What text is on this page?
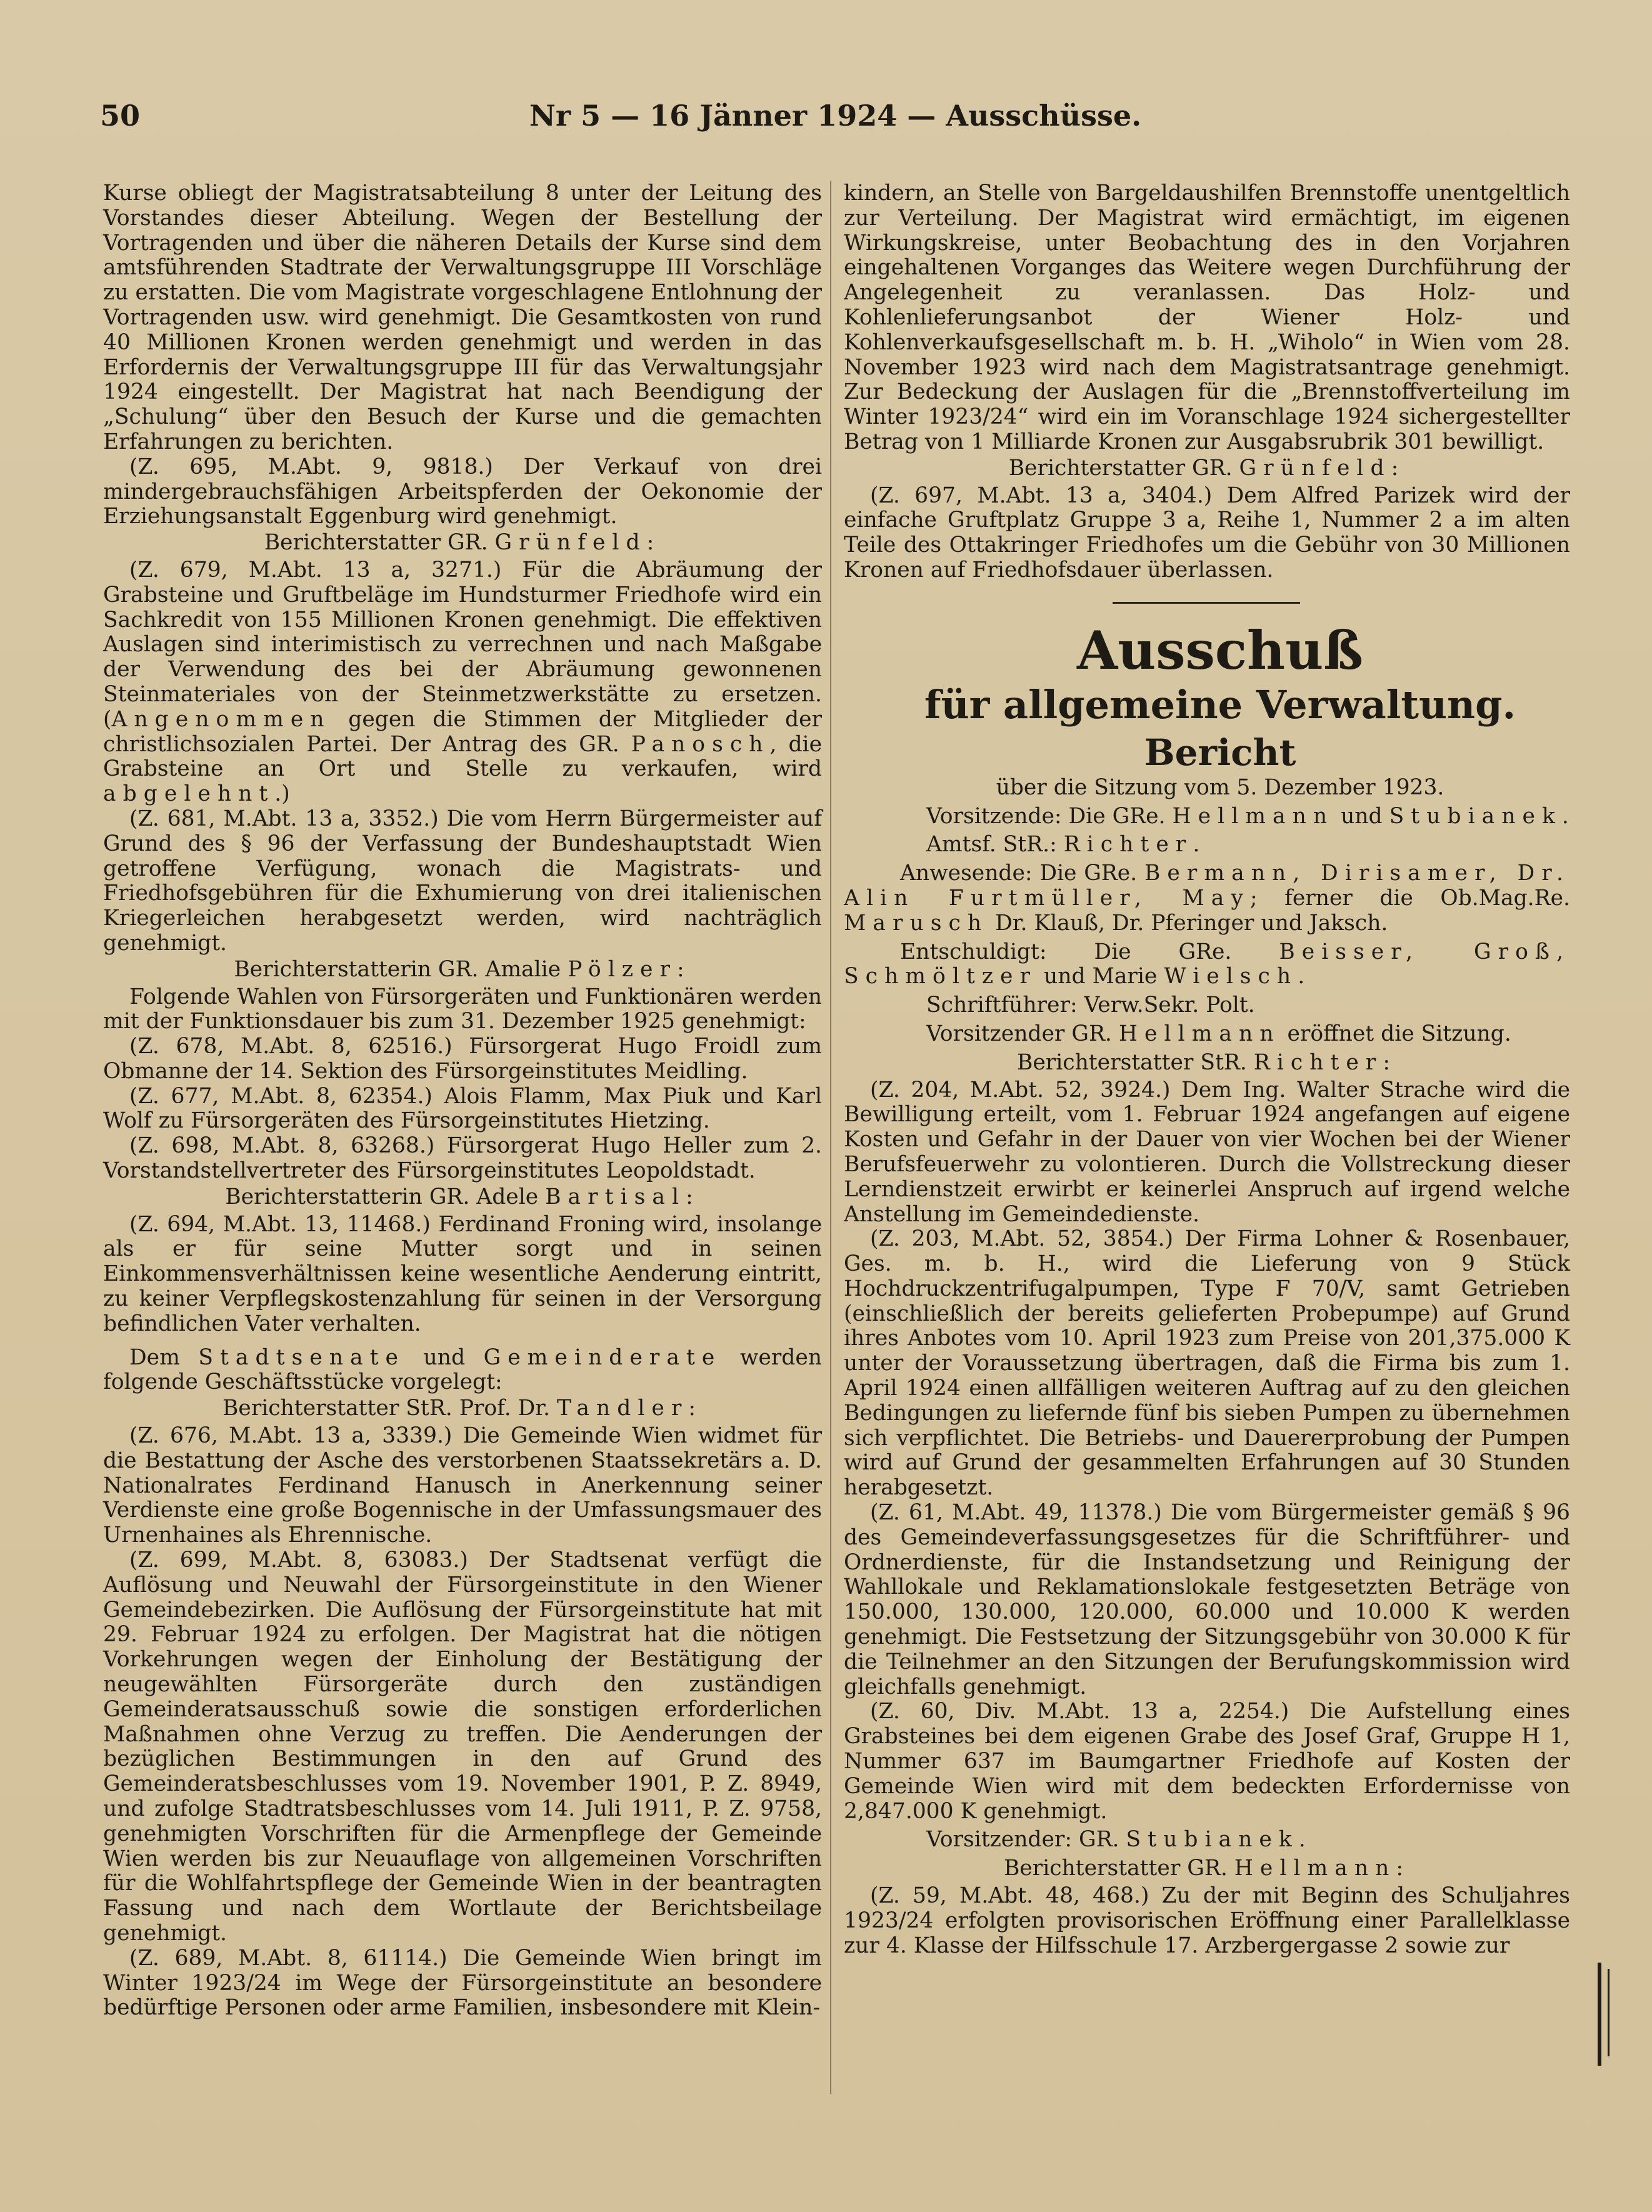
50	Nr 5 — 16 Jänner 1924 — Ausschüsse.

Kurse obliegt der Magistratsabteilung 8 unter der Leitung des Vorstandes dieser Abteilung. Wegen der Bestellung der Vortragenden und über die näheren Details der Kurse sind dem amtsführenden Stadtrate der Verwaltungsgruppe III Vorschläge zu erstatten. Die vom Magistrate vorgeschlagene Entlohnung der Vortragenden usw. wird genehmigt. Die Gesamtkosten von rund 40 Millionen Kronen werden genehmigt und werden in das Erfordernis der Verwaltungsgruppe III für das Verwaltungsjahr 1924 eingestellt. Der Magistrat hat nach Beendigung der „Schulung“ über den Besuch der Kurse und die gemachten Erfahrungen zu berichten.

(Z. 695, M.Abt. 9, 9818.) Der Verkauf von drei mindergebrauchsfähigen Arbeitspferden der Oekonomie der Erziehungsanstalt Eggenburg wird genehmigt.

Berichterstatter GR. Grünfeld:

(Z. 679, M.Abt. 13 a, 3271.) Für die Abräumung der Grabsteine und Gruftbeläge im Hundsturmer Friedhofe wird ein Sachkredit von 155 Millionen Kronen genehmigt. Die effektiven Auslagen sind interimistisch zu verrechnen und nach Maßgabe der Verwendung des bei der Abräumung gewonnenen Steinmateriales von der Steinmetzwerkstätte zu ersetzen. (Angenommen gegen die Stimmen der Mitglieder der christlichsozialen Partei. Der Antrag des GR. Panosch, die Grabsteine an Ort und Stelle zu verkaufen, wird abgelehnt.)

(Z. 681, M.Abt. 13 a, 3352.) Die vom Herrn Bürgermeister auf Grund des § 96 der Verfassung der Bundeshauptstadt Wien getroffene Verfügung, wonach die Magistrats- und Friedhofsgebühren für die Exhumierung von drei italienischen Kriegerleichen herabgesetzt werden, wird nachträglich genehmigt.

Berichterstatterin GR. Amalie Pölzer:

Folgende Wahlen von Fürsorgeräten und Funktionären werden mit der Funktionsdauer bis zum 31. Dezember 1925 genehmigt:

(Z. 678, M.Abt. 8, 62516.) Fürsorgerat Hugo Froidl zum Obmanne der 14. Sektion des Fürsorgeinstitutes Meidling.

(Z. 677, M.Abt. 8, 62354.) Alois Flamm, Max Piuk und Karl Wolf zu Fürsorgeräten des Fürsorgeinstitutes Hietzing.

(Z. 698, M.Abt. 8, 63268.) Fürsorgerat Hugo Heller zum 2. Vorstandstellvertreter des Fürsorgeinstitutes Leopoldstadt.

Berichterstatterin GR. Adele Bartisal:

(Z. 694, M.Abt. 13, 11468.) Ferdinand Froning wird, insolange als er für seine Mutter sorgt und in seinen Einkommensverhältnissen keine wesentliche Aenderung eintritt, zu keiner Verpflegskostenzahlung für seinen in der Versorgung befindlichen Vater verhalten.

Dem Stadtsenate und Gemeinderate werden folgende Geschäftsstücke vorgelegt:

Berichterstatter StR. Prof. Dr. Tandler:

(Z. 676, M.Abt. 13 a, 3339.) Die Gemeinde Wien widmet für die Bestattung der Asche des verstorbenen Staatssekretärs a. D. Nationalrates Ferdinand Hanusch in Anerkennung seiner Verdienste eine große Bogennische in der Umfassungsmauer des Urnenhaines als Ehrennische.

(Z. 699, M.Abt. 8, 63083.) Der Stadtsenat verfügt die Auflösung und Neuwahl der Fürsorgeinstitute in den Wiener Gemeindebezirken. Die Auflösung der Fürsorgeinstitute hat mit 29. Februar 1924 zu erfolgen. Der Magistrat hat die nötigen Vorkehrungen wegen der Einholung der Bestätigung der neugewählten Fürsorgeräte durch den zuständigen Gemeinderatsausschuß sowie die sonstigen erforderlichen Maßnahmen ohne Verzug zu treffen. Die Aenderungen der bezüglichen Bestimmungen in den auf Grund des Gemeinderatsbeschlusses vom 19. November 1901, P. Z. 8949, und zufolge Stadtratsbeschlusses vom 14. Juli 1911, P. Z. 9758, genehmigten Vorschriften für die Armenpflege der Gemeinde Wien werden bis zur Neuauflage von allgemeinen Vorschriften für die Wohlfahrtspflege der Gemeinde Wien in der beantragten Fassung und nach dem Wortlaute der Berichtsbeilage genehmigt.

(Z. 689, M.Abt. 8, 61114.) Die Gemeinde Wien bringt im Winter 1923/24 im Wege der Fürsorgeinstitute an besondere bedürftige Personen oder arme Familien, insbesondere mit Klein-

kindern, an Stelle von Bargeldaushilfen Brennstoffe unentgeltlich zur Verteilung. Der Magistrat wird ermächtigt, im eigenen Wirkungskreise, unter Beobachtung des in den Vorjahren eingehaltenen Vorganges das Weitere wegen Durchführung der Angelegenheit zu veranlassen. Das Holz- und Kohlenlieferungsanbot der Wiener Holz- und Kohlenverkaufsgesellschaft m. b. H. „Wiholo“ in Wien vom 28. November 1923 wird nach dem Magistratsantrage genehmigt. Zur Bedeckung der Auslagen für die „Brennstoffverteilung im Winter 1923/24“ wird ein im Voranschlage 1924 sichergestellter Betrag von 1 Milliarde Kronen zur Ausgabsrubrik 301 bewilligt.

Berichterstatter GR. Grünfeld:

(Z. 697, M.Abt. 13 a, 3404.) Dem Alfred Parizek wird der einfache Gruftplatz Gruppe 3 a, Reihe 1, Nummer 2 a im alten Teile des Ottakringer Friedhofes um die Gebühr von 30 Millionen Kronen auf Friedhofsdauer überlassen.

Ausschuß

für allgemeine Verwaltung.

Bericht

über die Sitzung vom 5. Dezember 1923.

Vorsitzende: Die GRe. Hellmann und Stubianek.

Amtsf. StR.: Richter.

Anwesende: Die GRe. Bermann, Dirisamer, Dr. Alin Furtmüller, May; ferner die Ob.Mag.Re. Marusch Dr. Klauß, Dr. Pferinger und Jaksch.

Entschuldigt: Die GRe. Beisser, Groß, Schmöltzer und Marie Wielsch.

Schriftführer: Verw.Sekr. Polt.

Vorsitzender GR. Hellmann eröffnet die Sitzung.

Berichterstatter StR. Richter:

(Z. 204, M.Abt. 52, 3924.) Dem Ing. Walter Strache wird die Bewilligung erteilt, vom 1. Februar 1924 angefangen auf eigene Kosten und Gefahr in der Dauer von vier Wochen bei der Wiener Berufsfeuerwehr zu volontieren. Durch die Vollstreckung dieser Lerndienstzeit erwirbt er keinerlei Anspruch auf irgend welche Anstellung im Gemeindedienste.

(Z. 203, M.Abt. 52, 3854.) Der Firma Lohner & Rosenbauer, Ges. m. b. H., wird die Lieferung von 9 Stück Hochdruckzentrifugalpumpen, Type F 70/V, samt Getrieben (einschließlich der bereits gelieferten Probepumpe) auf Grund ihres Anbotes vom 10. April 1923 zum Preise von 201,375.000 K unter der Voraussetzung übertragen, daß die Firma bis zum 1. April 1924 einen allfälligen weiteren Auftrag auf zu den gleichen Bedingungen zu liefernde fünf bis sieben Pumpen zu übernehmen sich verpflichtet. Die Betriebs- und Dauererprobung der Pumpen wird auf Grund der gesammelten Erfahrungen auf 30 Stunden herabgesetzt.

(Z. 61, M.Abt. 49, 11378.) Die vom Bürgermeister gemäß § 96 des Gemeindeverfassungsgesetzes für die Schriftführer- und Ordnerdienste, für die Instandsetzung und Reinigung der Wahllokale und Reklamationslokale festgesetzten Beträge von 150.000, 130.000, 120.000, 60.000 und 10.000 K werden genehmigt. Die Festsetzung der Sitzungsgebühr von 30.000 K für die Teilnehmer an den Sitzungen der Berufungskommission wird gleichfalls genehmigt.

(Z. 60, Div. M.Abt. 13 a, 2254.) Die Aufstellung eines Grabsteines bei dem eigenen Grabe des Josef Graf, Gruppe H 1, Nummer 637 im Baumgartner Friedhofe auf Kosten der Gemeinde Wien wird mit dem bedeckten Erfordernisse von 2,847.000 K genehmigt.

Vorsitzender: GR. Stubianek.

Berichterstatter GR. Hellmann:

(Z. 59, M.Abt. 48, 468.) Zu der mit Beginn des Schuljahres 1923/24 erfolgten provisorischen Eröffnung einer Parallelklasse zur 4. Klasse der Hilfsschule 17. Arzbergergasse 2 sowie zur
